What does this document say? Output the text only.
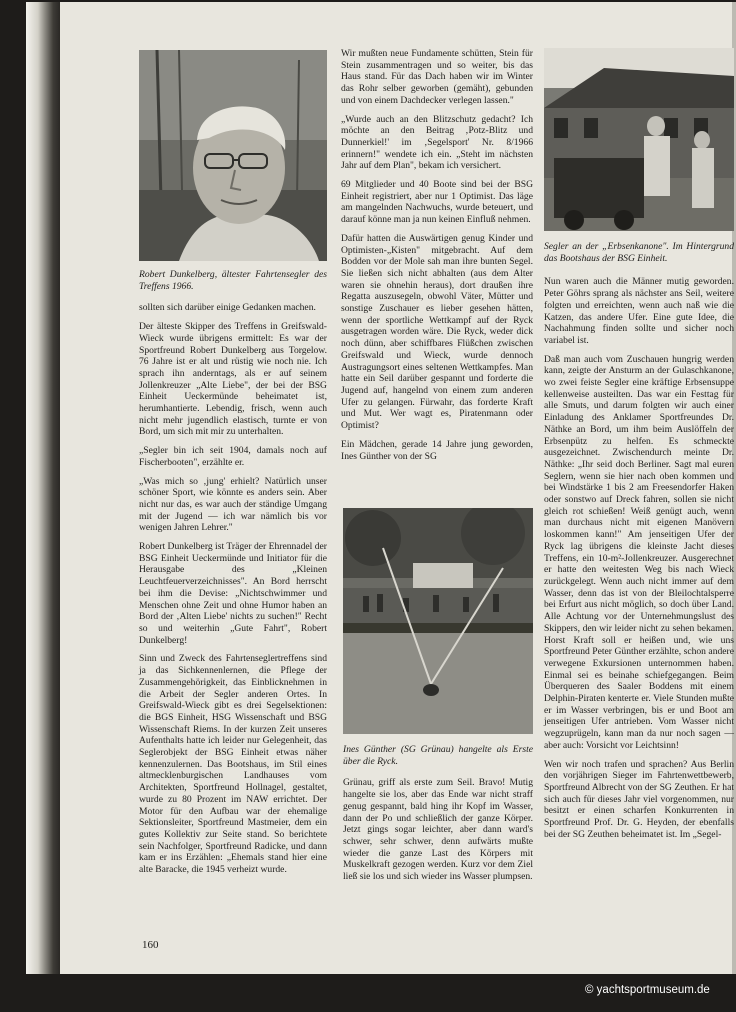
Robert Dunkelberg, ältester Fahrtensegler des Treffens 1966.

sollten sich darüber einige Gedanken machen.

Der älteste Skipper des Treffens in Greifswald-Wieck wurde übrigens ermittelt: Es war der Sportfreund Robert Dunkelberg aus Torgelow. 76 Jahre ist er alt und rüstig wie noch nie. Ich sprach ihn anderntags, als er auf seinem Jollenkreuzer „Alte Liebe", der bei der BSG Einheit Ueckermünde beheimatet ist, herumhantierte. Lebendig, frisch, wenn auch nicht mehr jugendlich elastisch, turnte er von Bord, um sich mit mir zu unterhalten.

„Segler bin ich seit 1904, damals noch auf Fischerbooten", erzählte er.

„Was mich so ‚jung' erhielt? Natürlich unser schöner Sport, wie könnte es anders sein. Aber nicht nur das, es war auch der ständige Umgang mit der Jugend — ich war nämlich bis vor wenigen Jahren Lehrer."

Robert Dunkelberg ist Träger der Ehrennadel der BSG Einheit Ueckermünde und Initiator für die Herausgabe des „Kleinen Leuchtfeuerverzeichnisses". An Bord herrscht bei ihm die Devise: „Nichtschwimmer und Menschen ohne Zeit und ohne Humor haben an Bord der ‚Alten Liebe' nichts zu suchen!" Recht so und weiterhin „Gute Fahrt", Robert Dunkelberg!

Sinn und Zweck des Fahrtenseglertreffens sind ja das Sichkennenlernen, die Pflege der Zusammengehörigkeit, das Einblicknehmen in die Arbeit der Segler anderen Ortes. In Greifswald-Wieck gibt es drei Segelsektionen: die BGS Einheit, HSG Wissenschaft und BSG Wissenschaft Riems. In der kurzen Zeit unseres Aufenthalts hatte ich leider nur Gelegenheit, das Seglerobjekt der BSG Einheit etwas näher kennenzulernen. Das Bootshaus, im Stil eines altmecklenburgischen Landhauses vom Architekten, Sportfreund Hollnagel, gestaltet, wurde zu 80 Prozent im NAW errichtet. Der Motor für den Aufbau war der ehemalige Sektionsleiter, Sportfreund Mastmeier, dem ein gutes Kollektiv zur Seite stand. So berichtete sein Nachfolger, Sportfreund Radicke, und dann kam er ins Erzählen: „Ehemals stand hier eine alte Baracke, die 1945 verheizt wurde.

Wir mußten neue Fundamente schütten, Stein für Stein zusammentragen und so weiter, bis das Haus stand. Für das Dach haben wir im Winter das Rohr selber geworben (gemäht), gebunden und von einem Dachdecker verlegen lassen."

„Wurde auch an den Blitzschutz gedacht? Ich möchte an den Beitrag ‚Potz-Blitz und Dunnerkiel!' im ‚Segelsport' Nr. 8/1966 erinnern!" wendete ich ein. „Steht im nächsten Jahr auf dem Plan", bekam ich versichert.

69 Mitglieder und 40 Boote sind bei der BSG Einheit registriert, aber nur 1 Optimist. Das läge am mangelnden Nachwuchs, wurde beteuert, und darauf könne man ja nun keinen Einfluß nehmen.

Dafür hatten die Auswärtigen genug Kinder und Optimisten-„Kisten" mitgebracht. Auf dem Bodden vor der Mole sah man ihre bunten Segel. Sie ließen sich nicht abhalten (aus dem Alter waren sie ohnehin heraus), dort draußen ihre Regatta auszusegeln, obwohl Väter, Mütter und sonstige Zuschauer es lieber gesehen hätten, wenn der sportliche Wettkampf auf der Ryck ausgetragen worden wäre. Die Ryck, weder dick noch dünn, aber schiffbares Flüßchen zwischen Greifswald und Wieck, wurde dennoch Austragungsort eines seltenen Wettkampfes. Man hatte ein Seil darüber gespannt und forderte die Jugend auf, hangelnd von einem zum anderen Ufer zu gelangen. Fürwahr, das forderte Kraft und Mut. Wer wagt es, Piratenmann oder Optimist?

Ein Mädchen, gerade 14 Jahre jung geworden, Ines Günther von der SG

Ines Günther (SG Grünau) hangelte als Erste über die Ryck.

Grünau, griff als erste zum Seil. Bravo! Mutig hangelte sie los, aber das Ende war nicht straff genug gespannt, bald hing ihr Kopf im Wasser, dann der Po und schließlich der ganze Körper. Jetzt gings sogar leichter, aber dann ward's schwer, sehr schwer, denn aufwärts mußte wieder die ganze Last des Körpers mit Muskelkraft gezogen werden. Kurz vor dem Ziel ließ sie los und sich wieder ins Wasser plumpsen.

Segler an der „Erbsenkanone". Im Hintergrund das Bootshaus der BSG Einheit.

Nun waren auch die Männer mutig geworden. Peter Göhrs sprang als nächster ans Seil, weitere folgten und erreichten, wenn auch naß wie die Katzen, das andere Ufer. Eine gute Idee, die Nachahmung finden sollte und sicher noch variabel ist.

Daß man auch vom Zuschauen hungrig werden kann, zeigte der Ansturm an der Gulaschkanone, wo zwei feiste Segler eine kräftige Erbsensuppe kellenweise austeilten. Das war ein Festtag für alle Smuts, und darum folgten wir auch einer Einladung des Anklamer Sportfreundes Dr. Näthke an Bord, um ihm beim Auslöffeln der Erbsenpütz zu helfen. Es schmeckte ausgezeichnet. Zwischendurch meinte Dr. Näthke: „Ihr seid doch Berliner. Sagt mal euren Seglern, wenn sie hier nach oben kommen und bei Windstärke 1 bis 2 am Freesendorfer Haken oder sonstwo auf Dreck fahren, sollen sie nicht gleich rot schießen! Weiß genügt auch, wenn man durchaus nicht mit eigenen Manövern loskommen kann!" Am jenseitigen Ufer der Ryck lag übrigens die kleinste Jacht dieses Treffens, ein 10-m²-Jollenkreuzer. Ausgerechnet er hatte den weitesten Weg bis nach Wieck zurückgelegt. Wenn auch nicht immer auf dem Wasser, denn das ist von der Bleilochtalsperre bei Erfurt aus nicht möglich, so doch über Land. Alle Achtung vor der Unternehmungslust des Skippers, den wir leider nicht zu sehen bekamen. Horst Kraft soll er heißen und, wie uns Sportfreund Peter Günther erzählte, schon andere verwegene Exkursionen unternommen haben. Einmal sei es beinahe schiefgegangen. Beim Überqueren des Saaler Boddens mit einem Delphin-Piraten kenterte er. Viele Stunden mußte er im Wasser verbringen, bis er und Boot am jenseitigen Ufer antrieben. Vom Wasser nicht wegzuprügeln, kann man da nur noch sagen — aber auch: Vorsicht vor Leichtsinn!

Wen wir noch trafen und sprachen? Aus Berlin den vorjährigen Sieger im Fahrtenwettbewerb, Sportfreund Albrecht von der SG Zeuthen. Er hat sich auch für dieses Jahr viel vorgenommen, nur besitzt er einen scharfen Konkurrenten in Sportfreund Prof. Dr. G. Heyden, der ebenfalls bei der SG Zeuthen beheimatet ist. Im „Segel-

160
© yachtsportmuseum.de
